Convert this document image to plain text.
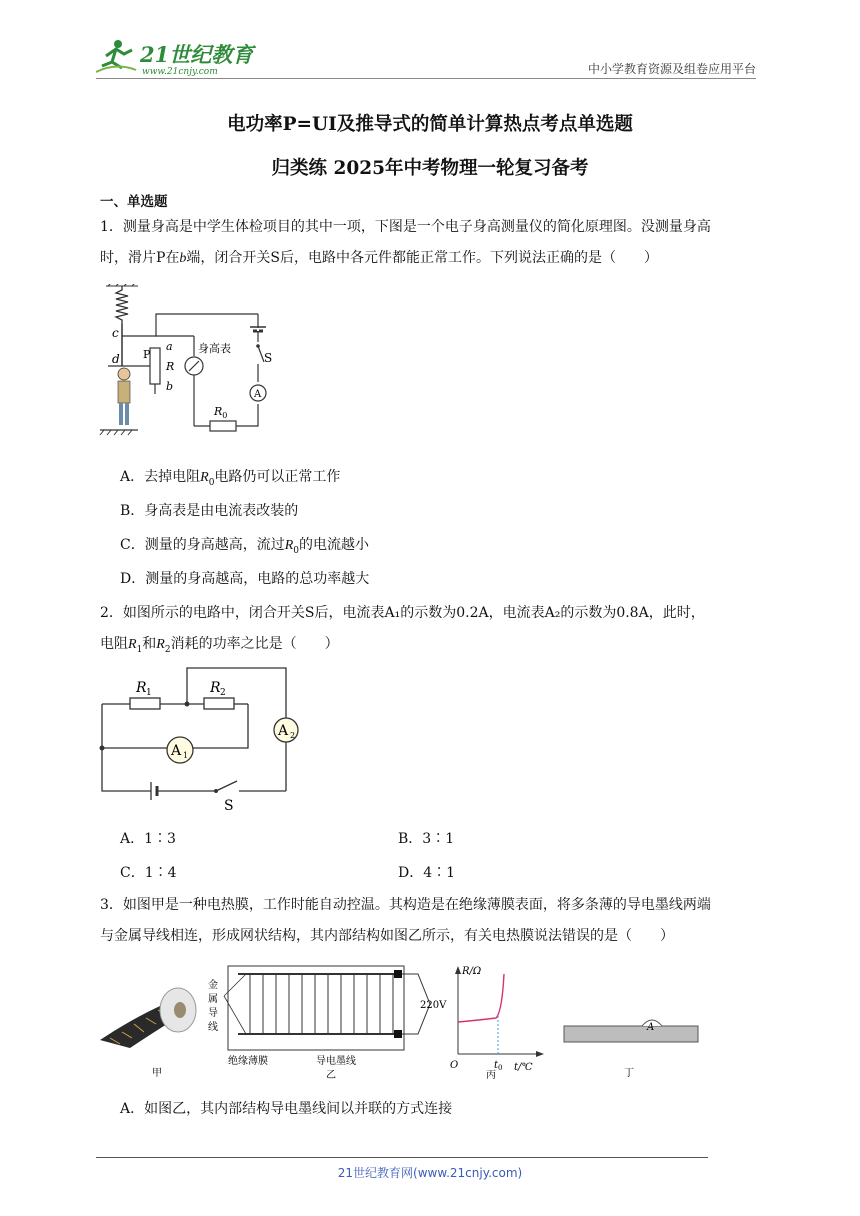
21世纪教育
www.21cnjy.com	中小学教育资源及组卷应用平台
电功率P=UI及推导式的简单计算热点考点单选题
归类练 2025年中考物理一轮复习备考
一、单选题
1．测量身高是中学生体检项目的其中一项，下图是一个电子身高测量仪的简化原理图。没测量身高
时，滑片P在b端，闭合开关S后，电路中各元件都能正常工作。下列说法正确的是（　　）
c
d P
a
R
b
身高表
$R_0$
S
A
A．去掉电阻$R_0$电路仍可以正常工作
B．身高表是由电流表改装的
C．测量的身高越高，流过$R_0$的电流越小
D．测量的身高越高，电路的总功率越大
2．如图所示的电路中，闭合开关S后，电流表A₁的示数为0.2A，电流表A₂的示数为0.8A，此时，
电阻$R_1$和$R_2$消耗的功率之比是（　　）
A 1
A 2
S
R 1	R 2
A．1∶3	B．3∶1
C．1∶4	D．4∶1
3．如图甲是一种电热膜，工作时能自动控温。其构造是在绝缘薄膜表面，将多条薄的导电墨线两端
与金属导线相连，形成网状结构，其内部结构如图乙所示，有关电热膜说法错误的是（　　）
甲
金
属
导
线
220V
绝缘薄膜	导电墨线
乙
R/Ω
t/℃
O	$t_0$
丙
A
丁
A．如图乙，其内部结构导电墨线间以并联的方式连接
21世纪教育网(www.21cnjy.com)
